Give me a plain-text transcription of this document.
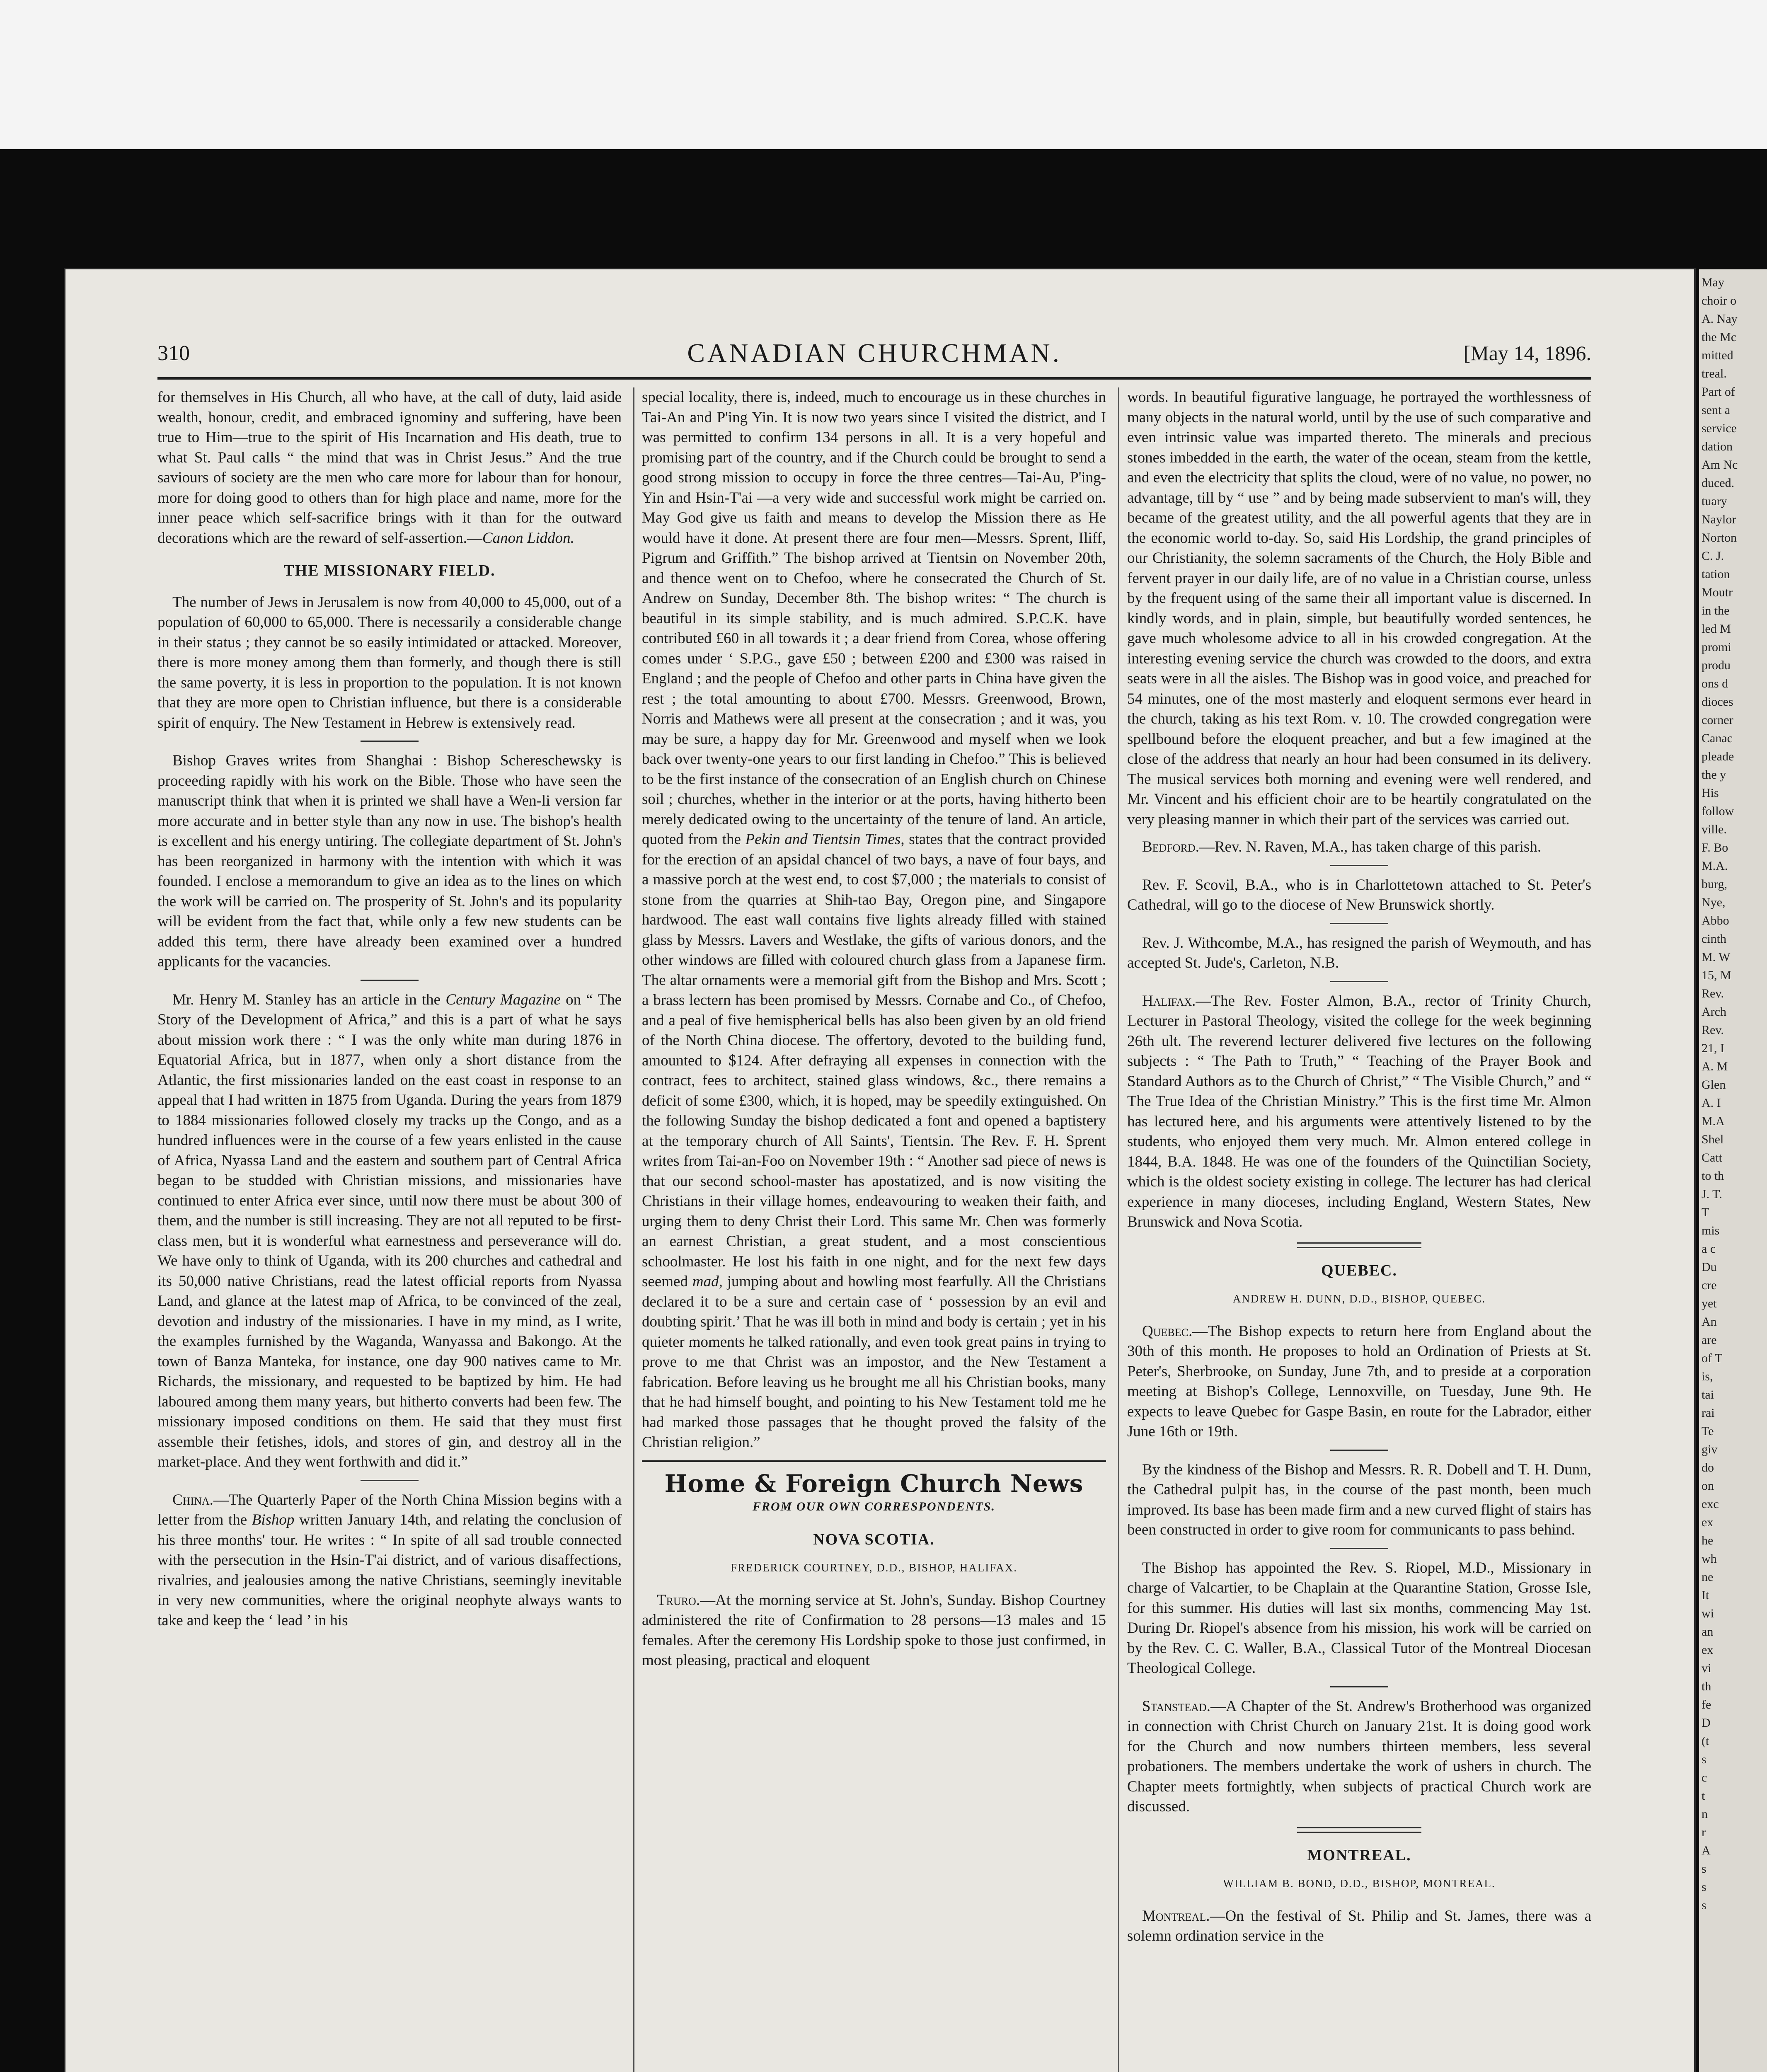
May
choir o
A. Nay
the Mc
mitted
treal.
Part of
sent a
service
dation
Am Nc
duced.
tuary
Naylor
Norton
C. J.
tation
Moutr
in the
led M
promi
produ
ons d
dioces
corner
Canac
pleade
the y
His
follow
ville.
F. Bo
M.A.
burg,
Nye,
Abbo
cinth
M. W
15, M
Rev.
Arch
Rev.
21, I
A. M
Glen
A. I
M.A
Shel
Catt
to th
J. T.
T
mis
a c
Du
cre
yet
An
are
of T
is,
tai
rai
Te
giv
do
on
exc
ex
he
wh
ne
It
wi
an
ex
vi
th
fe
D
(t
s
c
t
n
r
A
s
s
s
310	CANADIAN CHURCHMAN.	[May 14, 1896.

for themselves in His Church, all who have, at the call of duty, laid aside wealth, honour, credit, and embraced ignominy and suffering, have been true to Him—true to the spirit of His Incarnation and His death, true to what St. Paul calls “ the mind that was in Christ Jesus.” And the true saviours of society are the men who care more for labour than for honour, more for doing good to others than for high place and name, more for the inner peace which self-sacrifice brings with it than for the outward decorations which are the reward of self-assertion.—Canon Liddon.

THE MISSIONARY FIELD.

The number of Jews in Jerusalem is now from 40,000 to 45,000, out of a population of 60,000 to 65,000. There is necessarily a considerable change in their status ; they cannot be so easily intimidated or attacked. Moreover, there is more money among them than formerly, and though there is still the same poverty, it is less in proportion to the population. It is not known that they are more open to Christian influence, but there is a considerable spirit of enquiry. The New Testament in Hebrew is extensively read.

Bishop Graves writes from Shanghai : Bishop Schereschewsky is proceeding rapidly with his work on the Bible. Those who have seen the manuscript think that when it is printed we shall have a Wen-li version far more accurate and in better style than any now in use. The bishop's health is excellent and his energy untiring. The collegiate department of St. John's has been reorganized in harmony with the intention with which it was founded. I enclose a memorandum to give an idea as to the lines on which the work will be carried on. The prosperity of St. John's and its popularity will be evident from the fact that, while only a few new students can be added this term, there have already been examined over a hundred applicants for the vacancies.

Mr. Henry M. Stanley has an article in the Century Magazine on “ The Story of the Development of Africa,” and this is a part of what he says about mission work there : “ I was the only white man during 1876 in Equatorial Africa, but in 1877, when only a short distance from the Atlantic, the first missionaries landed on the east coast in response to an appeal that I had written in 1875 from Uganda. During the years from 1879 to 1884 missionaries followed closely my tracks up the Congo, and as a hundred influences were in the course of a few years enlisted in the cause of Africa, Nyassa Land and the eastern and southern part of Central Africa began to be studded with Christian missions, and missionaries have continued to enter Africa ever since, until now there must be about 300 of them, and the number is still increasing. They are not all reputed to be first-class men, but it is wonderful what earnestness and perseverance will do. We have only to think of Uganda, with its 200 churches and cathedral and its 50,000 native Christians, read the latest official reports from Nyassa Land, and glance at the latest map of Africa, to be convinced of the zeal, devotion and industry of the missionaries. I have in my mind, as I write, the examples furnished by the Waganda, Wanyassa and Bakongo. At the town of Banza Manteka, for instance, one day 900 natives came to Mr. Richards, the missionary, and requested to be baptized by him. He had laboured among them many years, but hitherto converts had been few. The missionary imposed conditions on them. He said that they must first assemble their fetishes, idols, and stores of gin, and destroy all in the market-place. And they went forthwith and did it.”

China.—The Quarterly Paper of the North China Mission begins with a letter from the Bishop written January 14th, and relating the conclusion of his three months' tour. He writes : “ In spite of all sad trouble connected with the persecution in the Hsin-T'ai district, and of various disaffections, rivalries, and jealousies among the native Christians, seemingly inevitable in very new communities, where the original neophyte always wants to take and keep the ‘ lead ’ in his

special locality, there is, indeed, much to encourage us in these churches in Tai-An and P'ing Yin. It is now two years since I visited the district, and I was permitted to confirm 134 persons in all. It is a very hopeful and promising part of the country, and if the Church could be brought to send a good strong mission to occupy in force the three centres—Tai-Au, P'ing-Yin and Hsin-T'ai —a very wide and successful work might be carried on. May God give us faith and means to develop the Mission there as He would have it done. At present there are four men—Messrs. Sprent, Iliff, Pigrum and Griffith.” The bishop arrived at Tientsin on November 20th, and thence went on to Chefoo, where he consecrated the Church of St. Andrew on Sunday, December 8th. The bishop writes: “ The church is beautiful in its simple stability, and is much admired. S.P.C.K. have contributed £60 in all towards it ; a dear friend from Corea, whose offering comes under ‘ S.P.G., gave £50 ; between £200 and £300 was raised in England ; and the people of Chefoo and other parts in China have given the rest ; the total amounting to about £700. Messrs. Greenwood, Brown, Norris and Mathews were all present at the consecration ; and it was, you may be sure, a happy day for Mr. Greenwood and myself when we look back over twenty-one years to our first landing in Chefoo.” This is believed to be the first instance of the consecration of an English church on Chinese soil ; churches, whether in the interior or at the ports, having hitherto been merely dedicated owing to the uncertainty of the tenure of land. An article, quoted from the Pekin and Tientsin Times, states that the contract provided for the erection of an apsidal chancel of two bays, a nave of four bays, and a massive porch at the west end, to cost $7,000 ; the materials to consist of stone from the quarries at Shih-tao Bay, Oregon pine, and Singapore hardwood. The east wall contains five lights already filled with stained glass by Messrs. Lavers and Westlake, the gifts of various donors, and the other windows are filled with coloured church glass from a Japanese firm. The altar ornaments were a memorial gift from the Bishop and Mrs. Scott ; a brass lectern has been promised by Messrs. Cornabe and Co., of Chefoo, and a peal of five hemispherical bells has also been given by an old friend of the North China diocese. The offertory, devoted to the building fund, amounted to $124. After defraying all expenses in connection with the contract, fees to architect, stained glass windows, &c., there remains a deficit of some £300, which, it is hoped, may be speedily extinguished. On the following Sunday the bishop dedicated a font and opened a baptistery at the temporary church of All Saints', Tientsin. The Rev. F. H. Sprent writes from Tai-an-Foo on November 19th : “ Another sad piece of news is that our second school-master has apostatized, and is now visiting the Christians in their village homes, endeavouring to weaken their faith, and urging them to deny Christ their Lord. This same Mr. Chen was formerly an earnest Christian, a great student, and a most conscientious schoolmaster. He lost his faith in one night, and for the next few days seemed mad, jumping about and howling most fearfully. All the Christians declared it to be a sure and certain case of ‘ possession by an evil and doubting spirit.’ That he was ill both in mind and body is certain ; yet in his quieter moments he talked rationally, and even took great pains in trying to prove to me that Christ was an impostor, and the New Testament a fabrication. Before leaving us he brought me all his Christian books, many that he had himself bought, and pointing to his New Testament told me he had marked those passages that he thought proved the falsity of the Christian religion.”

Home & Foreign Church News
FROM OUR OWN CORRESPONDENTS.
NOVA SCOTIA.
FREDERICK COURTNEY, D.D., BISHOP, HALIFAX.

Truro.—At the morning service at St. John's, Sunday. Bishop Courtney administered the rite of Confirmation to 28 persons—13 males and 15 females. After the ceremony His Lordship spoke to those just confirmed, in most pleasing, practical and eloquent

words. In beautiful figurative language, he portrayed the worthlessness of many objects in the natural world, until by the use of such comparative and even intrinsic value was imparted thereto. The minerals and precious stones imbedded in the earth, the water of the ocean, steam from the kettle, and even the electricity that splits the cloud, were of no value, no power, no advantage, till by “ use ” and by being made subservient to man's will, they became of the greatest utility, and the all powerful agents that they are in the economic world to-day. So, said His Lordship, the grand principles of our Christianity, the solemn sacraments of the Church, the Holy Bible and fervent prayer in our daily life, are of no value in a Christian course, unless by the frequent using of the same their all important value is discerned. In kindly words, and in plain, simple, but beautifully worded sentences, he gave much wholesome advice to all in his crowded congregation. At the interesting evening service the church was crowded to the doors, and extra seats were in all the aisles. The Bishop was in good voice, and preached for 54 minutes, one of the most masterly and eloquent sermons ever heard in the church, taking as his text Rom. v. 10. The crowded congregation were spellbound before the eloquent preacher, and but a few imagined at the close of the address that nearly an hour had been consumed in its delivery. The musical services both morning and evening were well rendered, and Mr. Vincent and his efficient choir are to be heartily congratulated on the very pleasing manner in which their part of the services was carried out.

Bedford.—Rev. N. Raven, M.A., has taken charge of this parish.

Rev. F. Scovil, B.A., who is in Charlottetown attached to St. Peter's Cathedral, will go to the diocese of New Brunswick shortly.

Rev. J. Withcombe, M.A., has resigned the parish of Weymouth, and has accepted St. Jude's, Carleton, N.B.

Halifax.—The Rev. Foster Almon, B.A., rector of Trinity Church, Lecturer in Pastoral Theology, visited the college for the week beginning 26th ult. The reverend lecturer delivered five lectures on the following subjects : “ The Path to Truth,” “ Teaching of the Prayer Book and Standard Authors as to the Church of Christ,” “ The Visible Church,” and “ The True Idea of the Christian Ministry.” This is the first time Mr. Almon has lectured here, and his arguments were attentively listened to by the students, who enjoyed them very much. Mr. Almon entered college in 1844, B.A. 1848. He was one of the founders of the Quinctilian Society, which is the oldest society existing in college. The lecturer has had clerical experience in many dioceses, including England, Western States, New Brunswick and Nova Scotia.

QUEBEC.
ANDREW H. DUNN, D.D., BISHOP, QUEBEC.

Quebec.—The Bishop expects to return here from England about the 30th of this month. He proposes to hold an Ordination of Priests at St. Peter's, Sherbrooke, on Sunday, June 7th, and to preside at a corporation meeting at Bishop's College, Lennoxville, on Tuesday, June 9th. He expects to leave Quebec for Gaspe Basin, en route for the Labrador, either June 16th or 19th.

By the kindness of the Bishop and Messrs. R. R. Dobell and T. H. Dunn, the Cathedral pulpit has, in the course of the past month, been much improved. Its base has been made firm and a new curved flight of stairs has been constructed in order to give room for communicants to pass behind.

The Bishop has appointed the Rev. S. Riopel, M.D., Missionary in charge of Valcartier, to be Chaplain at the Quarantine Station, Grosse Isle, for this summer. His duties will last six months, commencing May 1st. During Dr. Riopel's absence from his mission, his work will be carried on by the Rev. C. C. Waller, B.A., Classical Tutor of the Montreal Diocesan Theological College.

Stanstead.—A Chapter of the St. Andrew's Brotherhood was organized in connection with Christ Church on January 21st. It is doing good work for the Church and now numbers thirteen members, less several probationers. The members undertake the work of ushers in church. The Chapter meets fortnightly, when subjects of practical Church work are discussed.

MONTREAL.
WILLIAM B. BOND, D.D., BISHOP, MONTREAL.

Montreal.—On the festival of St. Philip and St. James, there was a solemn ordination service in the
